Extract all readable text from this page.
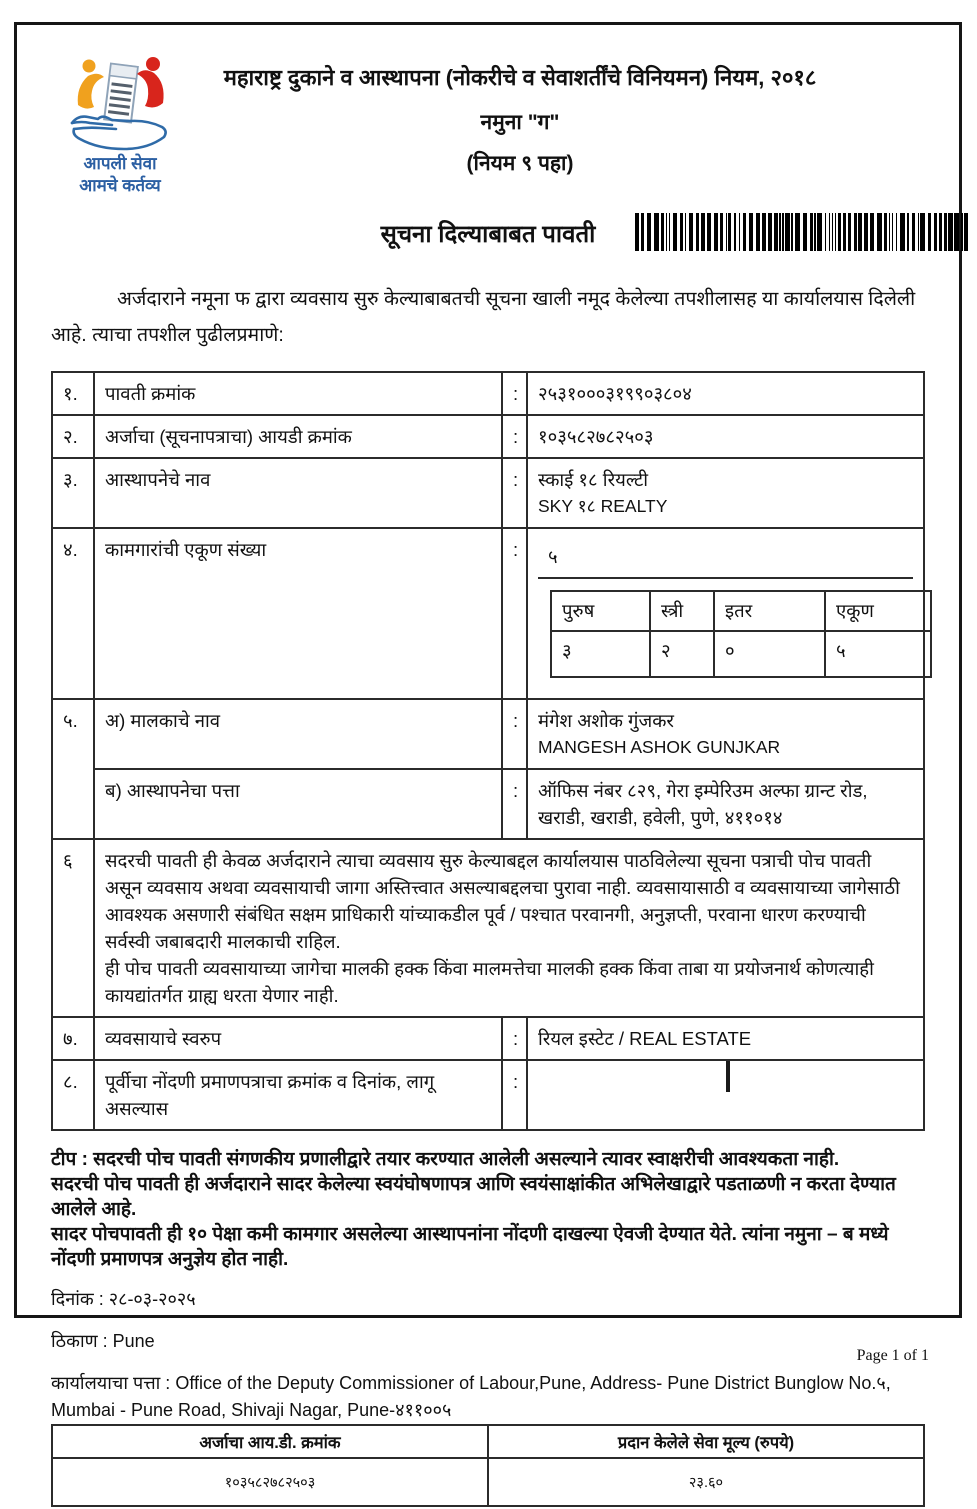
आपली सेवा
आमचे कर्तव्य
महाराष्ट्र दुकाने व आस्थापना (नोकरीचे व सेवाशर्तींचे विनियमन) नियम, २०१८
नमुना "ग"
(नियम ९ पहा)
सूचना दिल्याबाबत पावती
अर्जदाराने नमूना फ द्वारा व्यवसाय सुरु केल्याबाबतची सूचना खाली नमूद केलेल्या तपशीलासह या कार्यालयास दिलेली आहे. त्याचा तपशील पुढीलप्रमाणे:
१.	पावती क्रमांक	:	२५३१०००३१९९०३८०४
२.	अर्जाचा (सूचनापत्राचा) आयडी क्रमांक	:	१०३५८२७८२५०३
३.	आस्थापनेचे नाव	:	स्काई १८ रियल्टी
SKY १८ REALTY

४.	कामगारांची एकूण संख्या	:	५
पुरुष	स्त्री	इतर	एकूण
३	२	०	५

५.	अ) मालकाचे नाव	:	मंगेश अशोक गुंजकर
MANGESH ASHOK GUNJKAR

ब) आस्थापनेचा पत्ता	:	ऑफिस नंबर ८२९, गेरा इम्पेरिउम अल्फा ग्रान्ट रोड, खराडी, खराडी, हवेली, पुणे, ४११०१४
६	सदरची पावती ही केवळ अर्जदाराने त्याचा व्यवसाय सुरु केल्याबद्दल कार्यालयास पाठविलेल्या सूचना पत्राची पोच पावती असून व्यवसाय अथवा व्यवसायाची जागा अस्तित्त्वात असल्याबद्दलचा पुरावा नाही. व्यवसायासाठी व व्यवसायाच्या जागेसाठी आवश्यक असणारी संबंधित सक्षम प्राधिकारी यांच्याकडील पूर्व / पश्चात परवानगी, अनुज्ञप्ती, परवाना धारण करण्याची सर्वस्वी जबाबदारी मालकाची राहिल.

ही पोच पावती व्यवसायाच्या जागेचा मालकी हक्क किंवा मालमत्तेचा मालकी हक्क किंवा ताबा या प्रयोजनार्थ कोणत्याही कायद्यांतर्गत ग्राह्य धरता येणार नाही.

७.	व्यवसायाचे स्वरुप	:	रियल इस्टेट / REAL ESTATE
८.	पूर्वीचा नोंदणी प्रमाणपत्राचा क्रमांक व दिनांक, लागू असल्यास	:	

टीप : सदरची पोच पावती संगणकीय प्रणालीद्वारे तयार करण्यात आलेली असल्याने त्यावर स्वाक्षरीची आवश्यकता नाही.

सदरची पोच पावती ही अर्जदाराने सादर केलेल्या स्वयंघोषणापत्र आणि स्वयंसाक्षांकीत अभिलेखाद्वारे पडताळणी न करता देण्यात आलेले आहे.

सादर पोचपावती ही १० पेक्षा कमी कामगार असलेल्या आस्थापनांना नोंदणी दाखल्या ऐवजी देण्यात येते. त्यांना नमुना – ब मध्ये नोंदणी प्रमाणपत्र अनुज्ञेय होत नाही.

दिनांक : २८-०३-२०२५
ठिकाण : Pune
कार्यालयाचा पत्ता : Office of the Deputy Commissioner of Labour,Pune, Address- Pune District Bunglow No.५, Mumbai - Pune Road, Shivaji Nagar, Pune-४११००५
अर्जाचा आय.डी. क्रमांक	प्रदान केलेले सेवा मूल्य (रुपये)
१०३५८२७८२५०३	२३.६०
Page 1 of 1
